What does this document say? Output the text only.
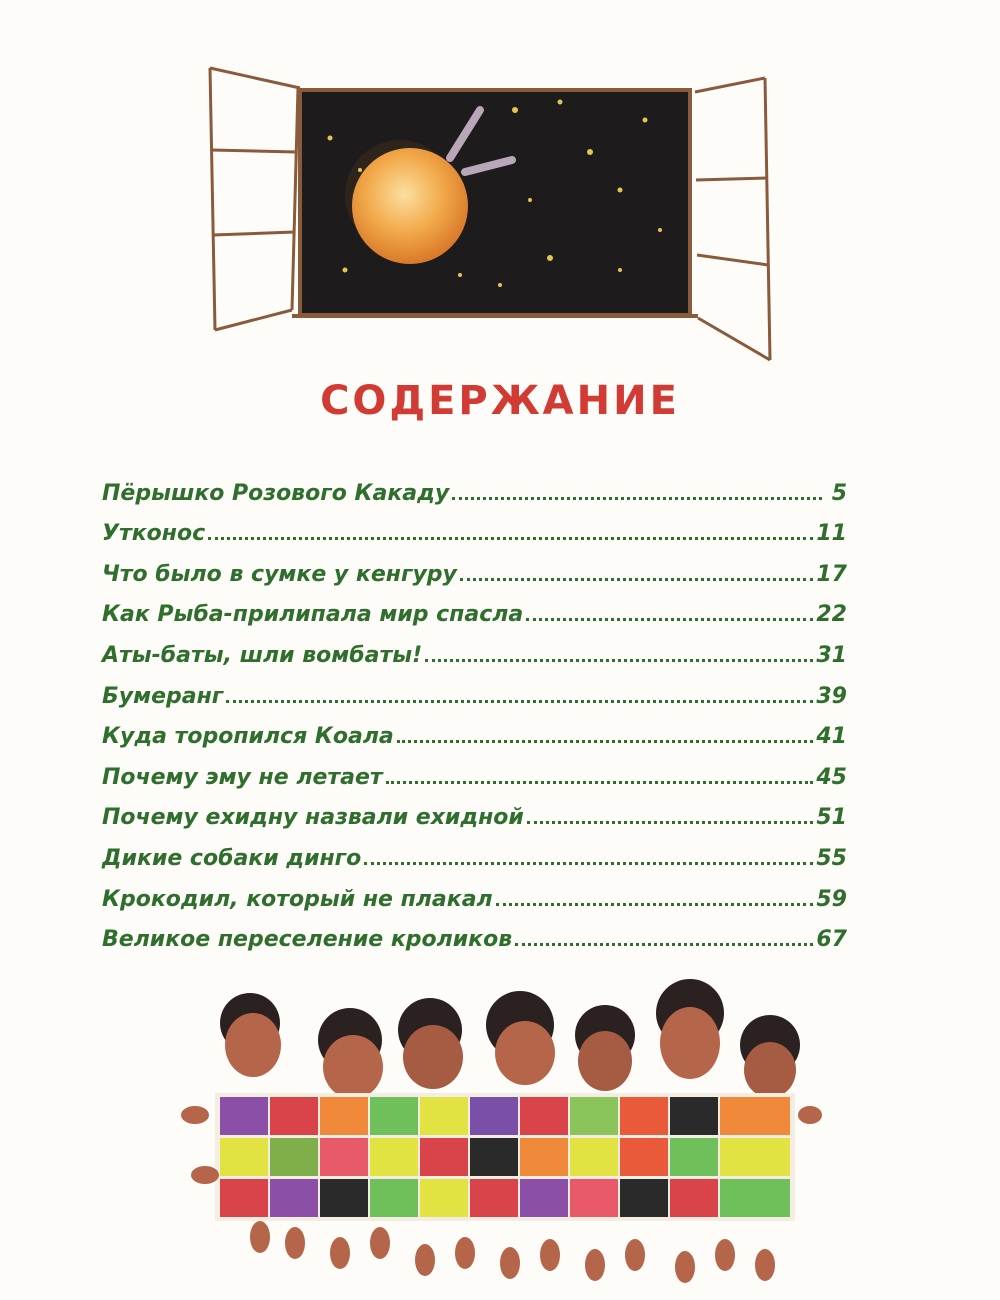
СОДЕРЖАНИЕ
Пёрышко Розового Какаду	5
Утконос	11
Что было в сумке у кенгуру	17
Как Рыба-прилипала мир спасла	22
Аты-баты, шли вомбаты!	31
Бумеранг	39
Куда торопился Коала	41
Почему эму не летает	45
Почему ехидну назвали ехидной	51
Дикие собаки динго	55
Крокодил, который не плакал	59
Великое переселение кроликов	67
